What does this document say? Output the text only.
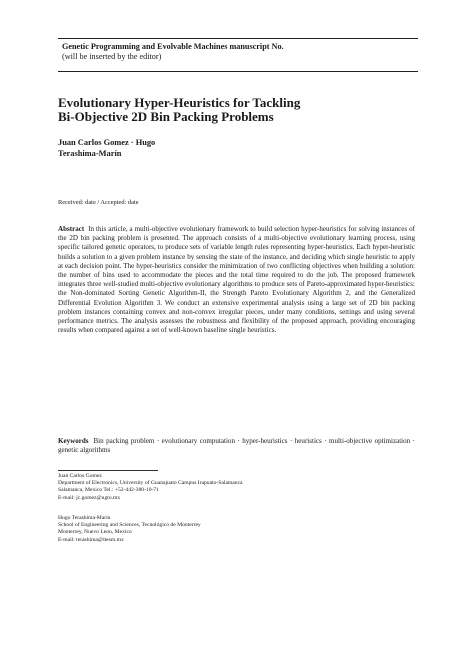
Genetic Programming and Evolvable Machines manuscript No.
(will be inserted by the editor)
Evolutionary Hyper-Heuristics for Tackling
Bi-Objective 2D Bin Packing Problems
Juan Carlos Gomez · Hugo
Terashima-Marín
Received: date / Accepted: date
Abstract In this article, a multi-objective evolutionary framework to build selection hyper-heuristics for solving instances of the 2D bin packing problem is presented. The approach consists of a multi-objective evolutionary learning process, using specific tailored genetic operators, to produce sets of variable length rules representing hyper-heuristics. Each hyper-heuristic builds a solution to a given problem instance by sensing the state of the instance, and deciding which single heuristic to apply at each decision point. The hyper-heuristics consider the minimization of two conflicting objectives when building a solution: the number of bins used to accommodate the pieces and the total time required to do the job. The proposed framework integrates three well-studied multi-objective evolutionary algorithms to produce sets of Pareto-approximated hyper-heuristics: the Non-dominated Sorting Genetic Algorithm-II, the Strength Pareto Evolutionary Algorithm 2, and the Generalized Differential Evolution Algorithm 3. We conduct an extensive experimental analysis using a large set of 2D bin packing problem instances containing convex and non-convex irregular pieces, under many conditions, settings and using several performance metrics. The analysis assesses the robustness and flexibility of the proposed approach, providing encouraging results when compared against a set of well-known baseline single heuristics.
Keywords Bin packing problem · evolutionary computation · hyper-heuristics · heuristics · multi-objective optimization · genetic algorithms
Juan Carlos Gomez
Department of Electronics, University of Guanajuato Campus Irapuato-Salamanca
Salamanca, Mexico Tel.: +52-442-380-10-71
E-mail: jc.gomez@ugto.mx
Hugo Terashima-Marín
School of Engineering and Sciences, Tecnológico de Monterrey
Monterrey, Nuevo Leon, Mexico
E-mail: terashima@itesm.mx
